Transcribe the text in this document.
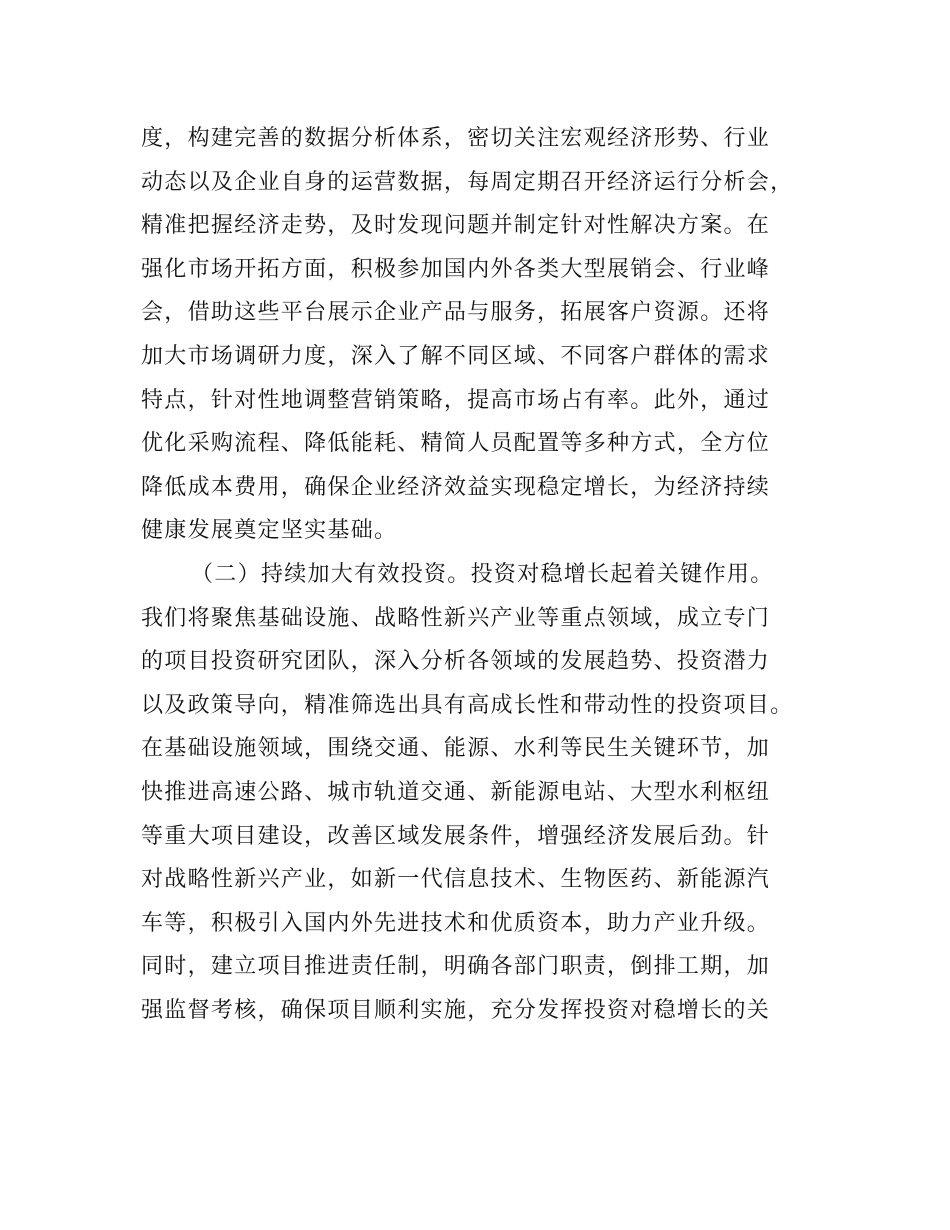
度，构建完善的数据分析体系，密切关注宏观经济形势、行业
动态以及企业自身的运营数据，每周定期召开经济运行分析会，
精准把握经济走势，及时发现问题并制定针对性解决方案。在
强化市场开拓方面，积极参加国内外各类大型展销会、行业峰
会，借助这些平台展示企业产品与服务，拓展客户资源。还将
加大市场调研力度，深入了解不同区域、不同客户群体的需求
特点，针对性地调整营销策略，提高市场占有率。此外，通过
优化采购流程、降低能耗、精简人员配置等多种方式，全方位
降低成本费用，确保企业经济效益实现稳定增长，为经济持续
健康发展奠定坚实基础。
（二）持续加大有效投资。投资对稳增长起着关键作用。
我们将聚焦基础设施、战略性新兴产业等重点领域，成立专门
的项目投资研究团队，深入分析各领域的发展趋势、投资潜力
以及政策导向，精准筛选出具有高成长性和带动性的投资项目。
在基础设施领域，围绕交通、能源、水利等民生关键环节，加
快推进高速公路、城市轨道交通、新能源电站、大型水利枢纽
等重大项目建设，改善区域发展条件，增强经济发展后劲。针
对战略性新兴产业，如新一代信息技术、生物医药、新能源汽
车等，积极引入国内外先进技术和优质资本，助力产业升级。
同时，建立项目推进责任制，明确各部门职责，倒排工期，加
强监督考核，确保项目顺利实施，充分发挥投资对稳增长的关
